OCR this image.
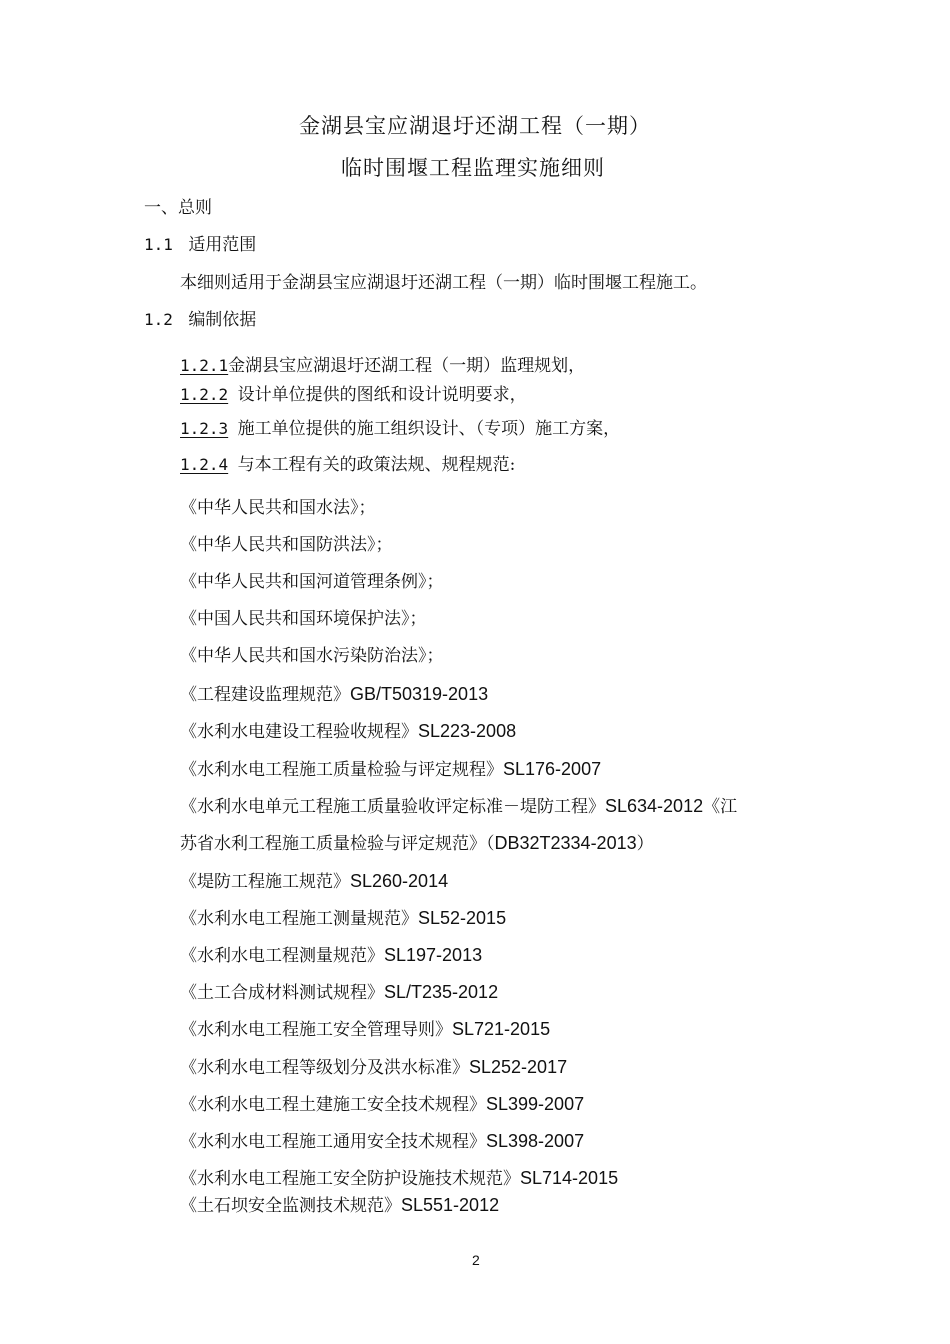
金湖县宝应湖退圩还湖工程（一期）
临时围堰工程监理实施细则
一、总则
1.1 适用范围
本细则适用于金湖县宝应湖退圩还湖工程（一期）临时围堰工程施工。
1.2 编制依据
1.2.1金湖县宝应湖退圩还湖工程（一期）监理规划，
1.2.2 设计单位提供的图纸和设计说明要求，
1.2.3 施工单位提供的施工组织设计、（专项）施工方案，
1.2.4 与本工程有关的政策法规、规程规范:
《中华人民共和国水法》；
《中华人民共和国防洪法》；
《中华人民共和国河道管理条例》；
《中国人民共和国环境保护法》；
《中华人民共和国水污染防治法》；
《工程建设监理规范》GB/T50319-2013
《水利水电建设工程验收规程》SL223-2008
《水利水电工程施工质量检验与评定规程》SL176-2007
《水利水电单元工程施工质量验收评定标准－堤防工程》SL634-2012《江
苏省水利工程施工质量检验与评定规范》（DB32T2334-2013）
《堤防工程施工规范》SL260-2014
《水利水电工程施工测量规范》SL52-2015
《水利水电工程测量规范》SL197-2013
《土工合成材料测试规程》SL/T235-2012
《水利水电工程施工安全管理导则》SL721-2015
《水利水电工程等级划分及洪水标准》SL252-2017
《水利水电工程土建施工安全技术规程》SL399-2007
《水利水电工程施工通用安全技术规程》SL398-2007
《水利水电工程施工安全防护设施技术规范》SL714-2015
《土石坝安全监测技术规范》SL551-2012
2
